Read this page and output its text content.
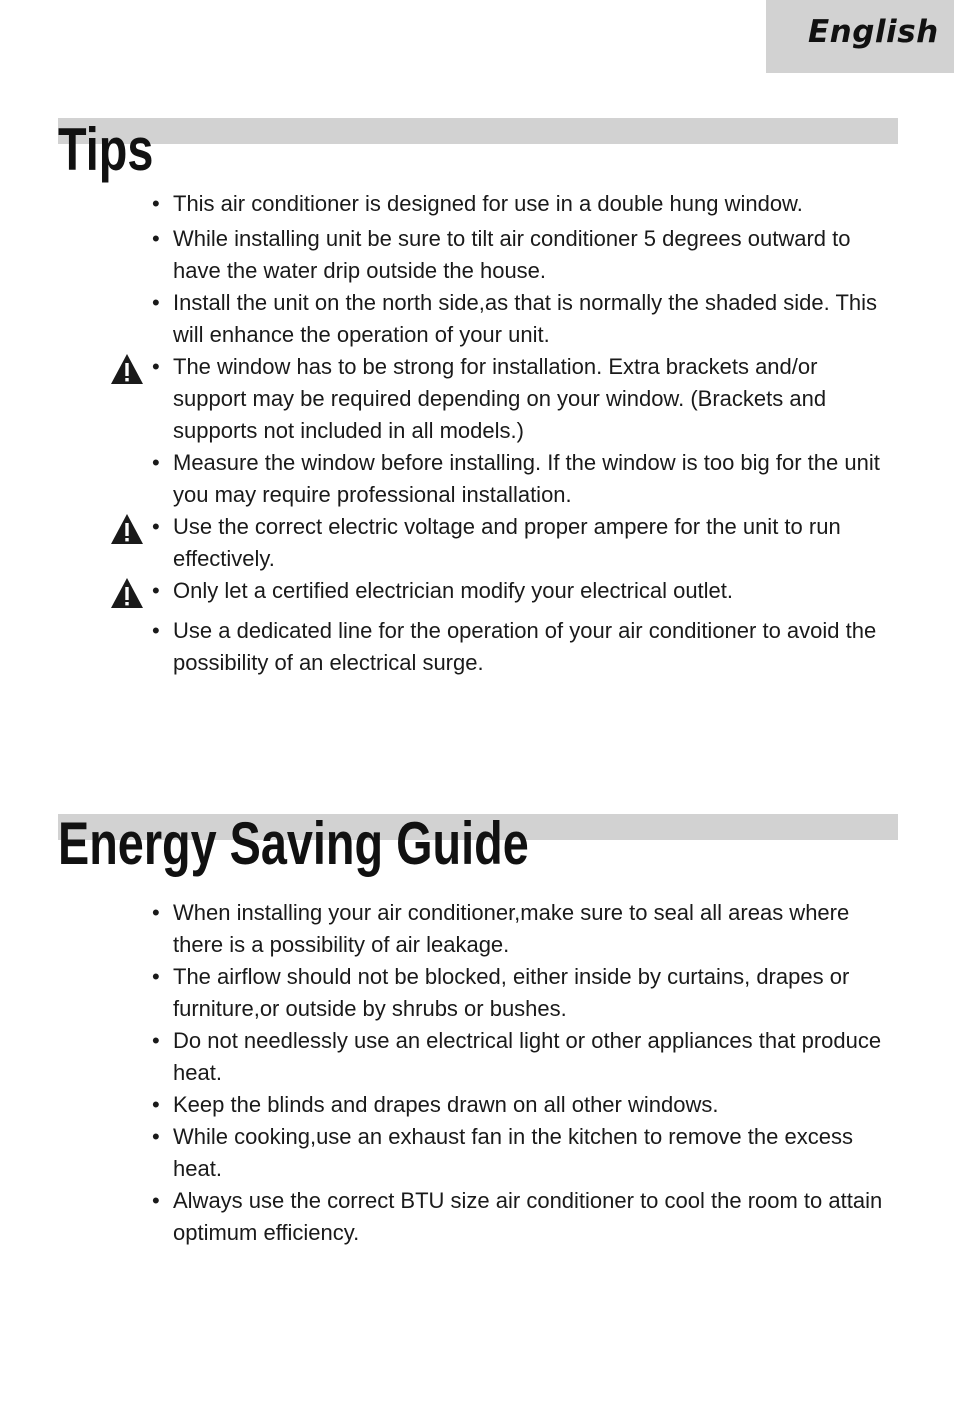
English
Tips
• This air conditioner is designed for use in a double hung window.
• While installing unit be sure to tilt air conditioner 5 degrees outward to have the water drip outside the house.
• Install the unit on the north side,as that is normally the shaded side. This will enhance the operation of your unit.
• The window has to be strong for installation. Extra brackets and/or support may be required depending on your window. (Brackets and supports not included in all models.)
• Measure the window before installing. If the window is too big for the unit you may require professional installation.
• Use the correct electric voltage and proper ampere for the unit to run effectively.
• Only let a certified electrician modify your electrical outlet.
• Use a dedicated line for the operation of your air conditioner to avoid the possibility of an electrical surge.
Energy Saving Guide
• When installing your air conditioner,make sure to seal all areas where there is a possibility of air leakage.
• The airflow should not be blocked, either inside by curtains, drapes or furniture,or outside by shrubs or bushes.
• Do not needlessly use an electrical light or other appliances that produce heat.
• Keep the blinds and drapes drawn on all other windows.
• While cooking,use an exhaust fan in the kitchen to remove the excess heat.
• Always use the correct BTU size air conditioner to cool the room to attain optimum efficiency.
